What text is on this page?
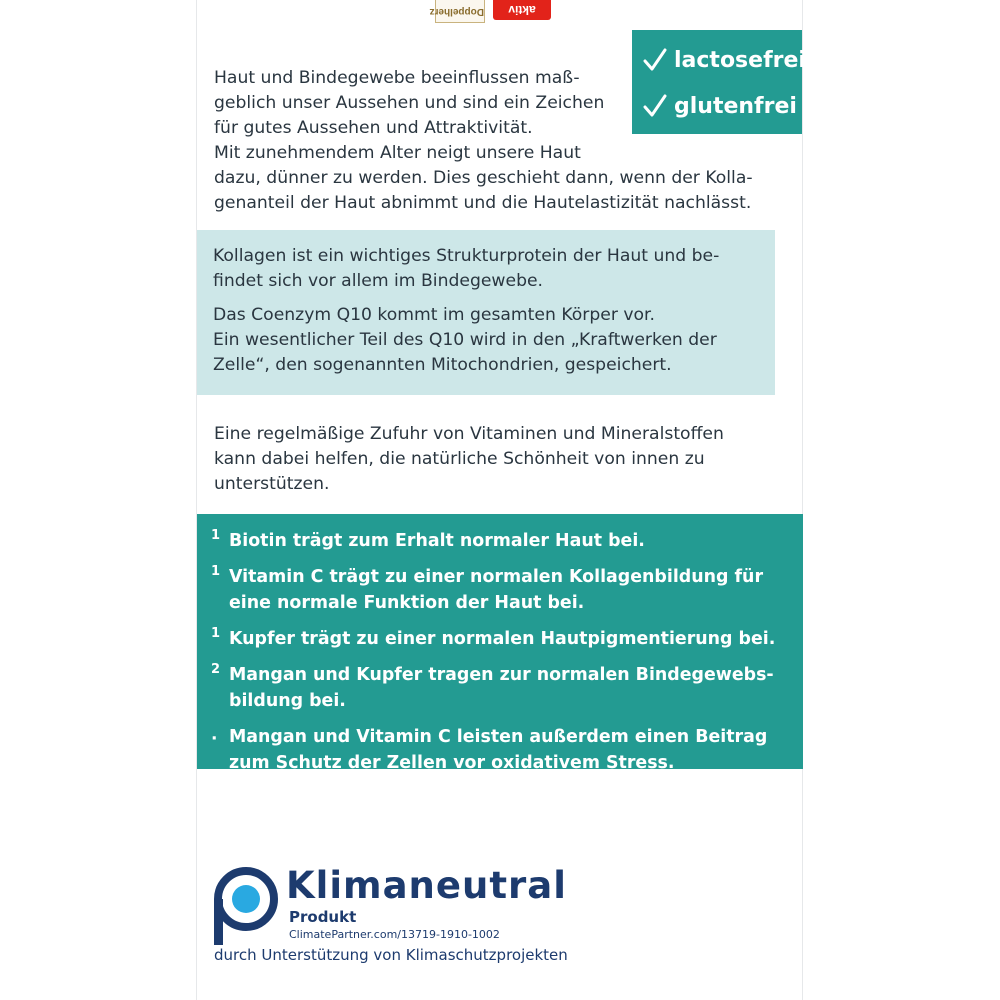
aktiv
Doppelherz

Haut und Bindegewebe beeinflussen maß-

geblich unser Aussehen und sind ein Zeichen

für gutes Aussehen und Attraktivität.

Mit zunehmendem Alter neigt unsere Haut

dazu, dünner zu werden. Dies geschieht dann, wenn der Kolla-

genanteil der Haut abnimmt und die Hautelastizität nachlässt.

lactosefrei
glutenfrei

Kollagen ist ein wichtiges Strukturprotein der Haut und be-
findet sich vor allem im Bindegewebe.

Das Coenzym Q10 kommt im gesamten Körper vor.
Ein wesentlicher Teil des Q10 wird in den „Kraftwerken der
Zelle“, den sogenannten Mitochondrien, gespeichert.

Eine regelmäßige Zufuhr von Vitaminen und Mineralstoffen

kann dabei helfen, die natürliche Schönheit von innen zu

unterstützen.

1 Biotin trägt zum Erhalt normaler Haut bei.
1 Vitamin C trägt zu einer normalen Kollagenbildung für
eine normale Funktion der Haut bei.
1 Kupfer trägt zu einer normalen Hautpigmentierung bei.
2 Mangan und Kupfer tragen zur normalen Bindegewebs-
bildung bei.
· Mangan und Vitamin C leisten außerdem einen Beitrag
zum Schutz der Zellen vor oxidativem Stress.
Klimaneutral
Produkt
ClimatePartner.com/13719-1910-1002
durch Unterstützung von Klimaschutzprojekten
